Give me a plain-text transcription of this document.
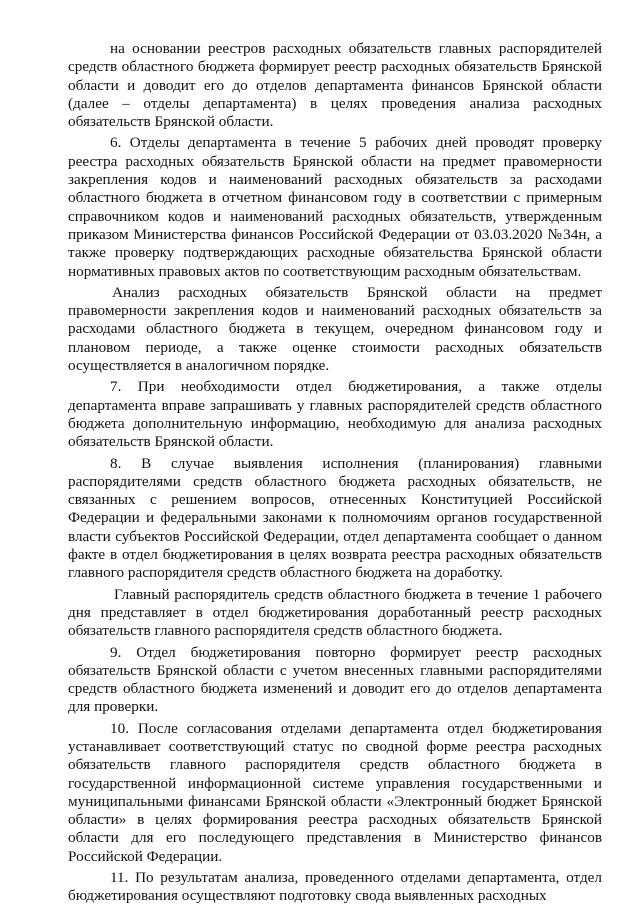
на основании реестров расходных обязательств главных распорядителей средств областного бюджета формирует реестр расходных обязательств Брянской области и доводит его до отделов департамента финансов Брянской области (далее – отделы департамента) в целях проведения анализа расходных обязательств Брянской области.

6. Отделы департамента в течение 5 рабочих дней проводят проверку реестра расходных обязательств Брянской области на предмет правомерности закрепления кодов и наименований расходных обязательств за расходами областного бюджета в отчетном финансовом году в соответствии с примерным справочником кодов и наименований расходных обязательств, утвержденным приказом Министерства финансов Российской Федерации от 03.03.2020 №34н, а также проверку подтверждающих расходные обязательства Брянской области нормативных правовых актов по соответствующим расходным обязательствам.

Анализ расходных обязательств Брянской области на предмет правомерности закрепления кодов и наименований расходных обязательств за расходами областного бюджета в текущем, очередном финансовом году и плановом периоде, а также оценке стоимости расходных обязательств осуществляется в аналогичном порядке.

7. При необходимости отдел бюджетирования, а также отделы департамента вправе запрашивать у главных распорядителей средств областного бюджета дополнительную информацию, необходимую для анализа расходных обязательств Брянской области.

8. В случае выявления исполнения (планирования) главными распорядителями средств областного бюджета расходных обязательств, не связанных с решением вопросов, отнесенных Конституцией Российской Федерации и федеральными законами к полномочиям органов государственной власти субъектов Российской Федерации, отдел департамента сообщает о данном факте в отдел бюджетирования в целях возврата реестра расходных обязательств главного распорядителя средств областного бюджета на доработку.

Главный распорядитель средств областного бюджета в течение 1 рабочего дня представляет в отдел бюджетирования доработанный реестр расходных обязательств главного распорядителя средств областного бюджета.

9. Отдел бюджетирования повторно формирует реестр расходных обязательств Брянской области с учетом внесенных главными распорядителями средств областного бюджета изменений и доводит его до отделов департамента для проверки.

10. После согласования отделами департамента отдел бюджетирования устанавливает соответствующий статус по сводной форме реестра расходных обязательств главного распорядителя средств областного бюджета в государственной информационной системе управления государственными и муниципальными финансами Брянской области «Электронный бюджет Брянской области» в целях формирования реестра расходных обязательств Брянской области для его последующего представления в Министерство финансов Российской Федерации.

11. По результатам анализа, проведенного отделами департамента, отдел бюджетирования осуществляют подготовку свода выявленных расходных
